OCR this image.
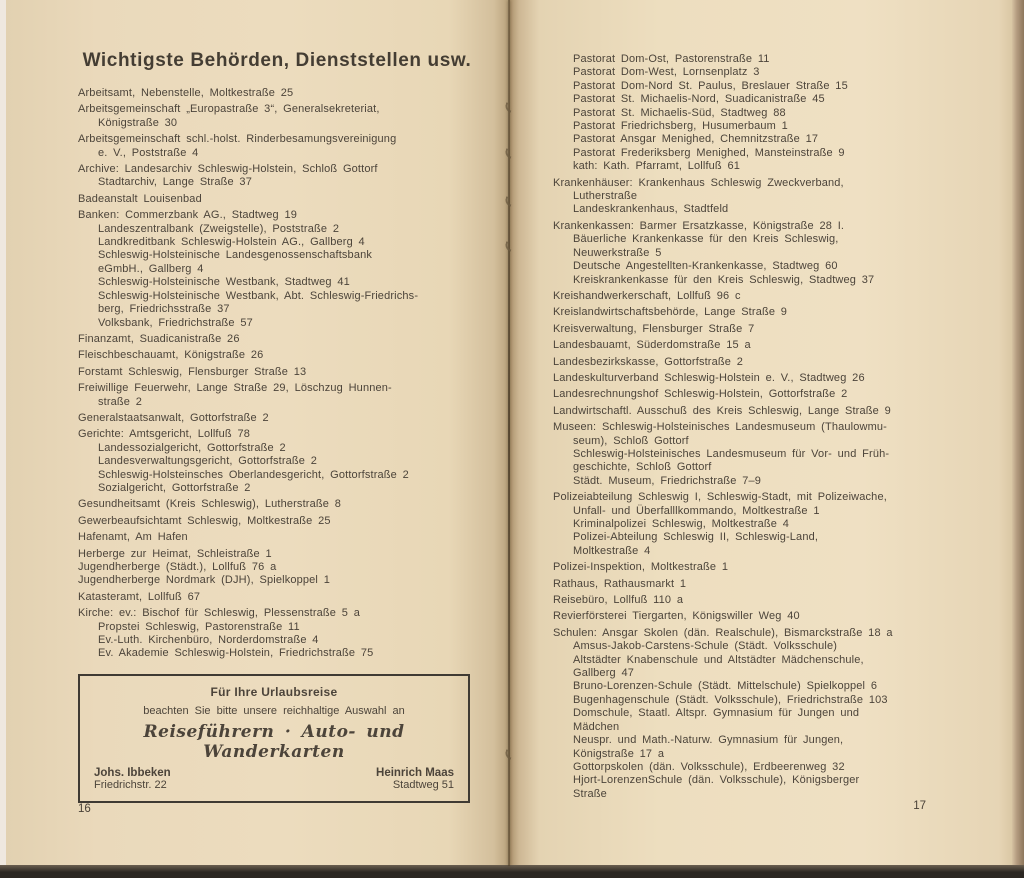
Wichtigste Behörden, Dienststellen usw.
Arbeitsamt, Nebenstelle, Moltkestraße 25
Arbeitsgemeinschaft „Europastraße 3“, Generalsekreteriat,
Königstraße 30
Arbeitsgemeinschaft schl.-holst. Rinderbesamungsvereinigung
e. V., Poststraße 4
Archive: Landesarchiv Schleswig-Holstein, Schloß Gottorf
Stadtarchiv, Lange Straße 37
Badeanstalt Louisenbad
Banken: Commerzbank AG., Stadtweg 19
Landeszentralbank (Zweigstelle), Poststraße 2
Landkreditbank Schleswig-Holstein AG., Gallberg 4
Schleswig-Holsteinische Landesgenossenschaftsbank
eGmbH., Gallberg 4
Schleswig-Holsteinische Westbank, Stadtweg 41
Schleswig-Holsteinische Westbank, Abt. Schleswig-Friedrichs-
berg, Friedrichsstraße 37
Volksbank, Friedrichstraße 57
Finanzamt, Suadicanistraße 26
Fleischbeschauamt, Königstraße 26
Forstamt Schleswig, Flensburger Straße 13
Freiwillige Feuerwehr, Lange Straße 29, Löschzug Hunnen-
straße 2
Generalstaatsanwalt, Gottorfstraße 2
Gerichte: Amtsgericht, Lollfuß 78
Landessozialgericht, Gottorfstraße 2
Landesverwaltungsgericht, Gottorfstraße 2
Schleswig-Holsteinsches Oberlandesgericht, Gottorfstraße 2
Sozialgericht, Gottorfstraße 2
Gesundheitsamt (Kreis Schleswig), Lutherstraße 8
Gewerbeaufsichtamt Schleswig, Moltkestraße 25
Hafenamt, Am Hafen
Herberge zur Heimat, Schleistraße 1
Jugendherberge (Städt.), Lollfuß 76 a
Jugendherberge Nordmark (DJH), Spielkoppel 1
Katasteramt, Lollfuß 67
Kirche: ev.: Bischof für Schleswig, Plessenstraße 5 a
Propstei Schleswig, Pastorenstraße 11
Ev.-Luth. Kirchenbüro, Norderdomstraße 4
Ev. Akademie Schleswig-Holstein, Friedrichstraße 75
Für Ihre Urlaubsreise
beachten Sie bitte unsere reichhaltige Auswahl an
Reiseführern · Auto- und Wanderkarten
Johs. Ibbeken
Friedrichstr. 22
Heinrich Maas
Stadtweg 51
16
Pastorat Dom-Ost, Pastorenstraße 11
Pastorat Dom-West, Lornsenplatz 3
Pastorat Dom-Nord St. Paulus, Breslauer Straße 15
Pastorat St. Michaelis-Nord, Suadicanistraße 45
Pastorat St. Michaelis-Süd, Stadtweg 88
Pastorat Friedrichsberg, Husumerbaum 1
Pastorat Ansgar Menighed, Chemnitzstraße 17
Pastorat Frederiksberg Menighed, Mansteinstraße 9
kath: Kath. Pfarramt, Lollfuß 61
Krankenhäuser: Krankenhaus Schleswig Zweckverband,
Lutherstraße
Landeskrankenhaus, Stadtfeld
Krankenkassen: Barmer Ersatzkasse, Königstraße 28 I.
Bäuerliche Krankenkasse für den Kreis Schleswig,
Neuwerkstraße 5
Deutsche Angestellten-Krankenkasse, Stadtweg 60
Kreiskrankenkasse für den Kreis Schleswig, Stadtweg 37
Kreishandwerkerschaft, Lollfuß 96 c
Kreislandwirtschaftsbehörde, Lange Straße 9
Kreisverwaltung, Flensburger Straße 7
Landesbauamt, Süderdomstraße 15 a
Landesbezirkskasse, Gottorfstraße 2
Landeskulturverband Schleswig-Holstein e. V., Stadtweg 26
Landesrechnungshof Schleswig-Holstein, Gottorfstraße 2
Landwirtschaftl. Ausschuß des Kreis Schleswig, Lange Straße 9
Museen: Schleswig-Holsteinisches Landesmuseum (Thaulowmu-
seum), Schloß Gottorf
Schleswig-Holsteinisches Landesmuseum für Vor- und Früh-
geschichte, Schloß Gottorf
Städt. Museum, Friedrichstraße 7–9
Polizeiabteilung Schleswig I, Schleswig-Stadt, mit Polizeiwache,
Unfall- und Überfalllkommando, Moltkestraße 1
Kriminalpolizei Schleswig, Moltkestraße 4
Polizei-Abteilung Schleswig II, Schleswig-Land,
Moltkestraße 4
Polizei-Inspektion, Moltkestraße 1
Rathaus, Rathausmarkt 1
Reisebüro, Lollfuß 110 a
Revierförsterei Tiergarten, Königswiller Weg 40
Schulen: Ansgar Skolen (dän. Realschule), Bismarckstraße 18 a
Amsus-Jakob-Carstens-Schule (Städt. Volksschule)
Altstädter Knabenschule und Altstädter Mädchenschule,
Gallberg 47
Bruno-Lorenzen-Schule (Städt. Mittelschule) Spielkoppel 6
Bugenhagenschule (Städt. Volksschule), Friedrichstraße 103
Domschule, Staatl. Altspr. Gymnasium für Jungen und
Mädchen
Neuspr. und Math.-Naturw. Gymnasium für Jungen,
Königstraße 17 a
Gottorpskolen (dän. Volksschule), Erdbeerenweg 32
Hjort-LorenzenSchule (dän. Volksschule), Königsberger
Straße
17
